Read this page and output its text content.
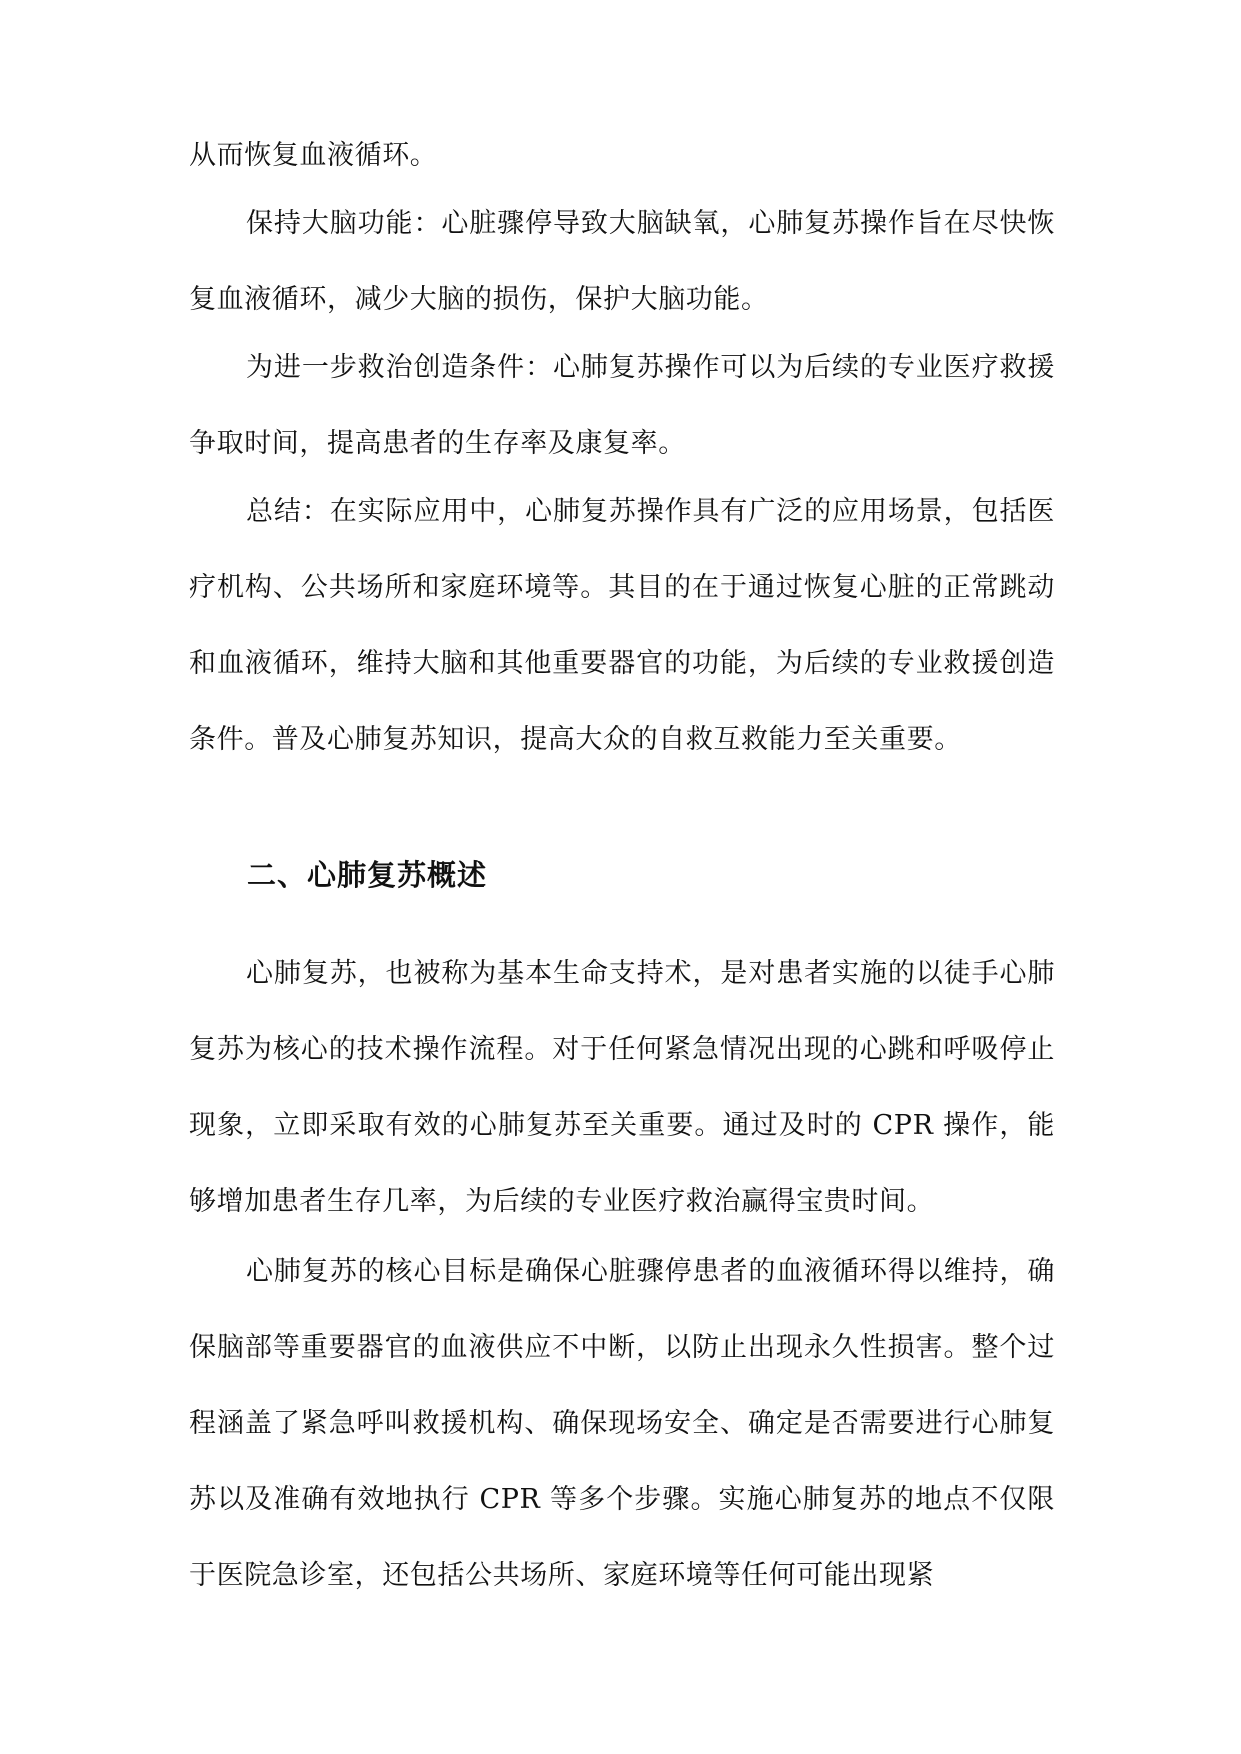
从而恢复血液循环。

保持大脑功能：心脏骤停导致大脑缺氧，心肺复苏操作旨在尽快恢复血液循环，减少大脑的损伤，保护大脑功能。

为进一步救治创造条件：心肺复苏操作可以为后续的专业医疗救援争取时间，提高患者的生存率及康复率。

总结：在实际应用中，心肺复苏操作具有广泛的应用场景，包括医疗机构、公共场所和家庭环境等。其目的在于通过恢复心脏的正常跳动和血液循环，维持大脑和其他重要器官的功能，为后续的专业救援创造条件。普及心肺复苏知识，提高大众的自救互救能力至关重要。

二、心肺复苏概述

心肺复苏，也被称为基本生命支持术，是对患者实施的以徒手心肺复苏为核心的技术操作流程。对于任何紧急情况出现的心跳和呼吸停止现象，立即采取有效的心肺复苏至关重要。通过及时的 CPR 操作，能够增加患者生存几率，为后续的专业医疗救治赢得宝贵时间。

心肺复苏的核心目标是确保心脏骤停患者的血液循环得以维持，确保脑部等重要器官的血液供应不中断，以防止出现永久性损害。整个过程涵盖了紧急呼叫救援机构、确保现场安全、确定是否需要进行心肺复苏以及准确有效地执行 CPR 等多个步骤。实施心肺复苏的地点不仅限于医院急诊室，还包括公共场所、家庭环境等任何可能出现紧
